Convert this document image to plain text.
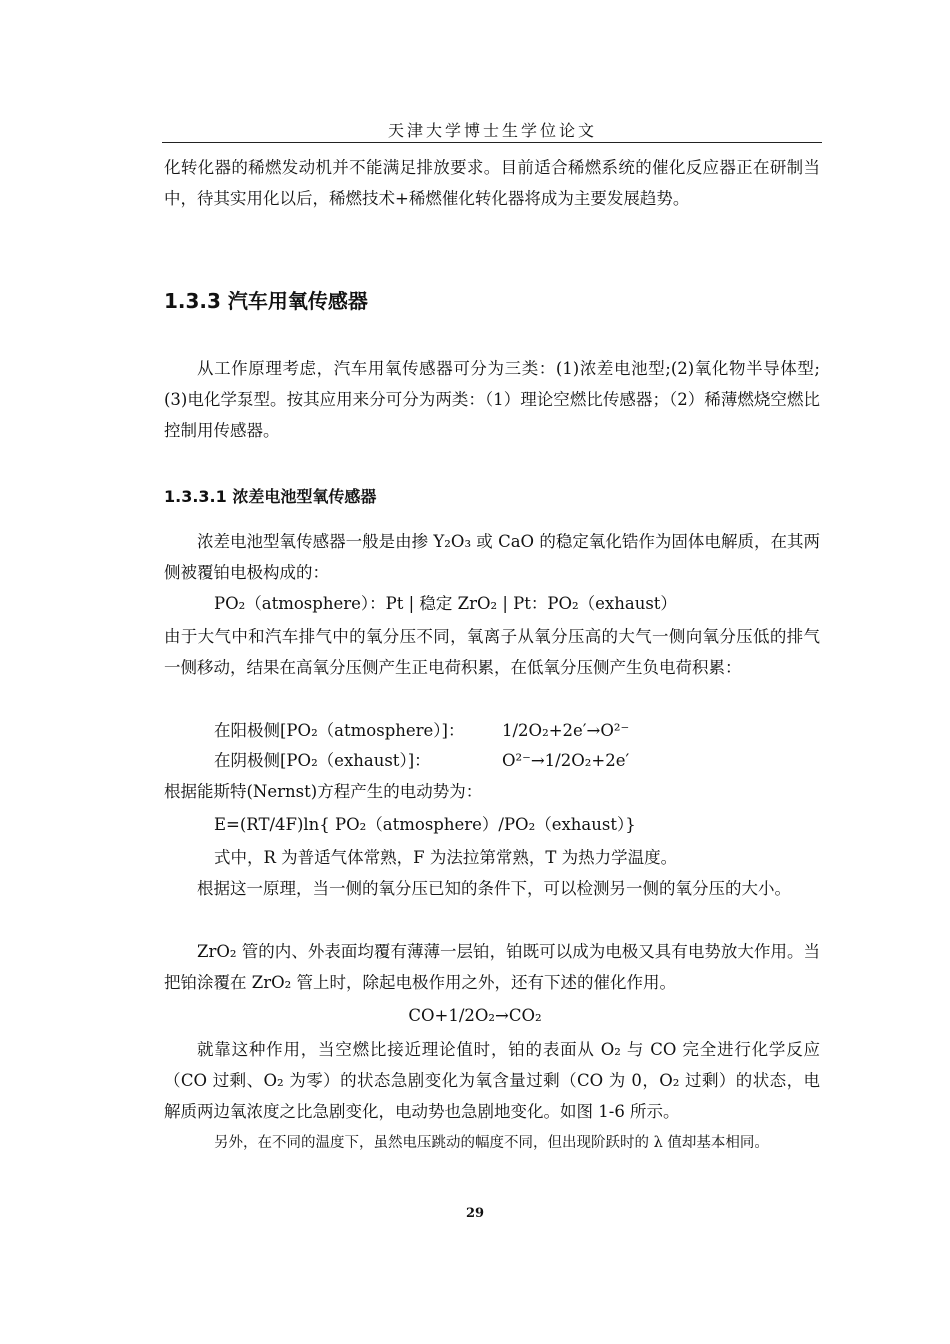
天津大学博士生学位论文

化转化器的稀燃发动机并不能满足排放要求。目前适合稀燃系统的催化反应器正在研制当中，待其实用化以后，稀燃技术+稀燃催化转化器将成为主要发展趋势。

1.3.3 汽车用氧传感器

从工作原理考虑，汽车用氧传感器可分为三类：(1)浓差电池型;(2)氧化物半导体型;(3)电化学泵型。按其应用来分可分为两类：（1）理论空燃比传感器；（2）稀薄燃烧空燃比控制用传感器。

1.3.3.1 浓差电池型氧传感器

浓差电池型氧传感器一般是由掺 Y₂O₃ 或 CaO 的稳定氧化锆作为固体电解质，在其两侧被覆铂电极构成的：

PO₂（atmosphere）：Pt | 稳定 ZrO₂ | Pt：PO₂（exhaust）

由于大气中和汽车排气中的氧分压不同，氧离子从氧分压高的大气一侧向氧分压低的排气一侧移动，结果在高氧分压侧产生正电荷积累，在低氧分压侧产生负电荷积累：

在阳极侧[PO₂（atmosphere）]： 1/2O₂+2e′→O²⁻
在阴极侧[PO₂（exhaust）]：	O²⁻→1/2O₂+2e′
根据能斯特(Nernst)方程产生的电动势为：
E=(RT/4F)ln{ PO₂（atmosphere）/PO₂（exhaust）}
式中，R 为普适气体常熟，F 为法拉第常熟，T 为热力学温度。

根据这一原理，当一侧的氧分压已知的条件下，可以检测另一侧的氧分压的大小。

ZrO₂ 管的内、外表面均覆有薄薄一层铂，铂既可以成为电极又具有电势放大作用。当把铂涂覆在 ZrO₂ 管上时，除起电极作用之外，还有下述的催化作用。

CO+1/2O₂→CO₂

就靠这种作用，当空燃比接近理论值时，铂的表面从 O₂ 与 CO 完全进行化学反应（CO 过剩、O₂ 为零）的状态急剧变化为氧含量过剩（CO 为 0，O₂ 过剩）的状态，电解质两边氧浓度之比急剧变化，电动势也急剧地变化。如图 1-6 所示。

另外，在不同的温度下，虽然电压跳动的幅度不同，但出现阶跃时的 λ 值却基本相同。
29
